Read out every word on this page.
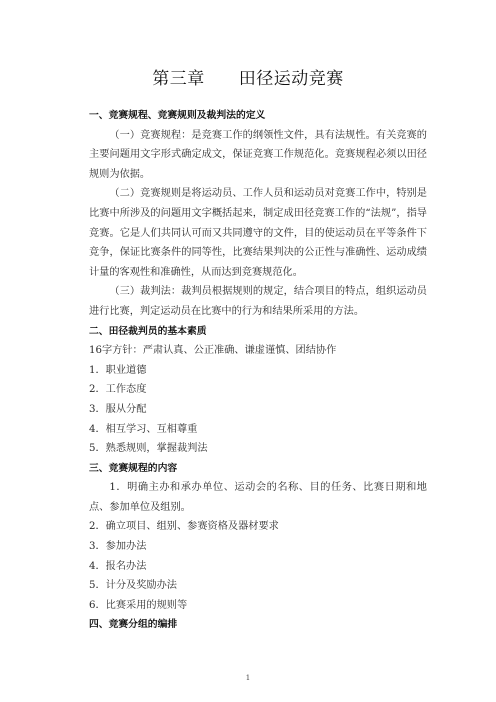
第三章 田径运动竞赛

一、竞赛规程、竞赛规则及裁判法的定义

（一）竞赛规程：是竞赛工作的纲领性文件，具有法规性。有关竞赛的主要问题用文字形式确定成文，保证竞赛工作规范化。竞赛规程必须以田径规则为依据。

（二）竞赛规则是将运动员、工作人员和运动员对竞赛工作中，特别是比赛中所涉及的问题用文字概括起来，制定成田径竞赛工作的“法规”，指导竞赛。它是人们共同认可而又共同遵守的文件，目的使运动员在平等条件下竞争，保证比赛条件的同等性，比赛结果判决的公正性与准确性、运动成绩计量的客观性和准确性，从而达到竞赛规范化。

（三）裁判法：裁判员根据规则的规定，结合项目的特点，组织运动员进行比赛，判定运动员在比赛中的行为和结果所采用的方法。

二、田径裁判员的基本素质

16字方针：严肃认真、公正准确、谦虚谨慎、团结协作

1．职业道德

2．工作态度

3．服从分配

4．相互学习、互相尊重

5．熟悉规则，掌握裁判法

三、竞赛规程的内容

1．明确主办和承办单位、运动会的名称、目的任务、比赛日期和地点、参加单位及组别。

2．确立项目、组别、参赛资格及器材要求

3．参加办法

4．报名办法

5．计分及奖励办法

6．比赛采用的规则等

四、竞赛分组的编排

1
